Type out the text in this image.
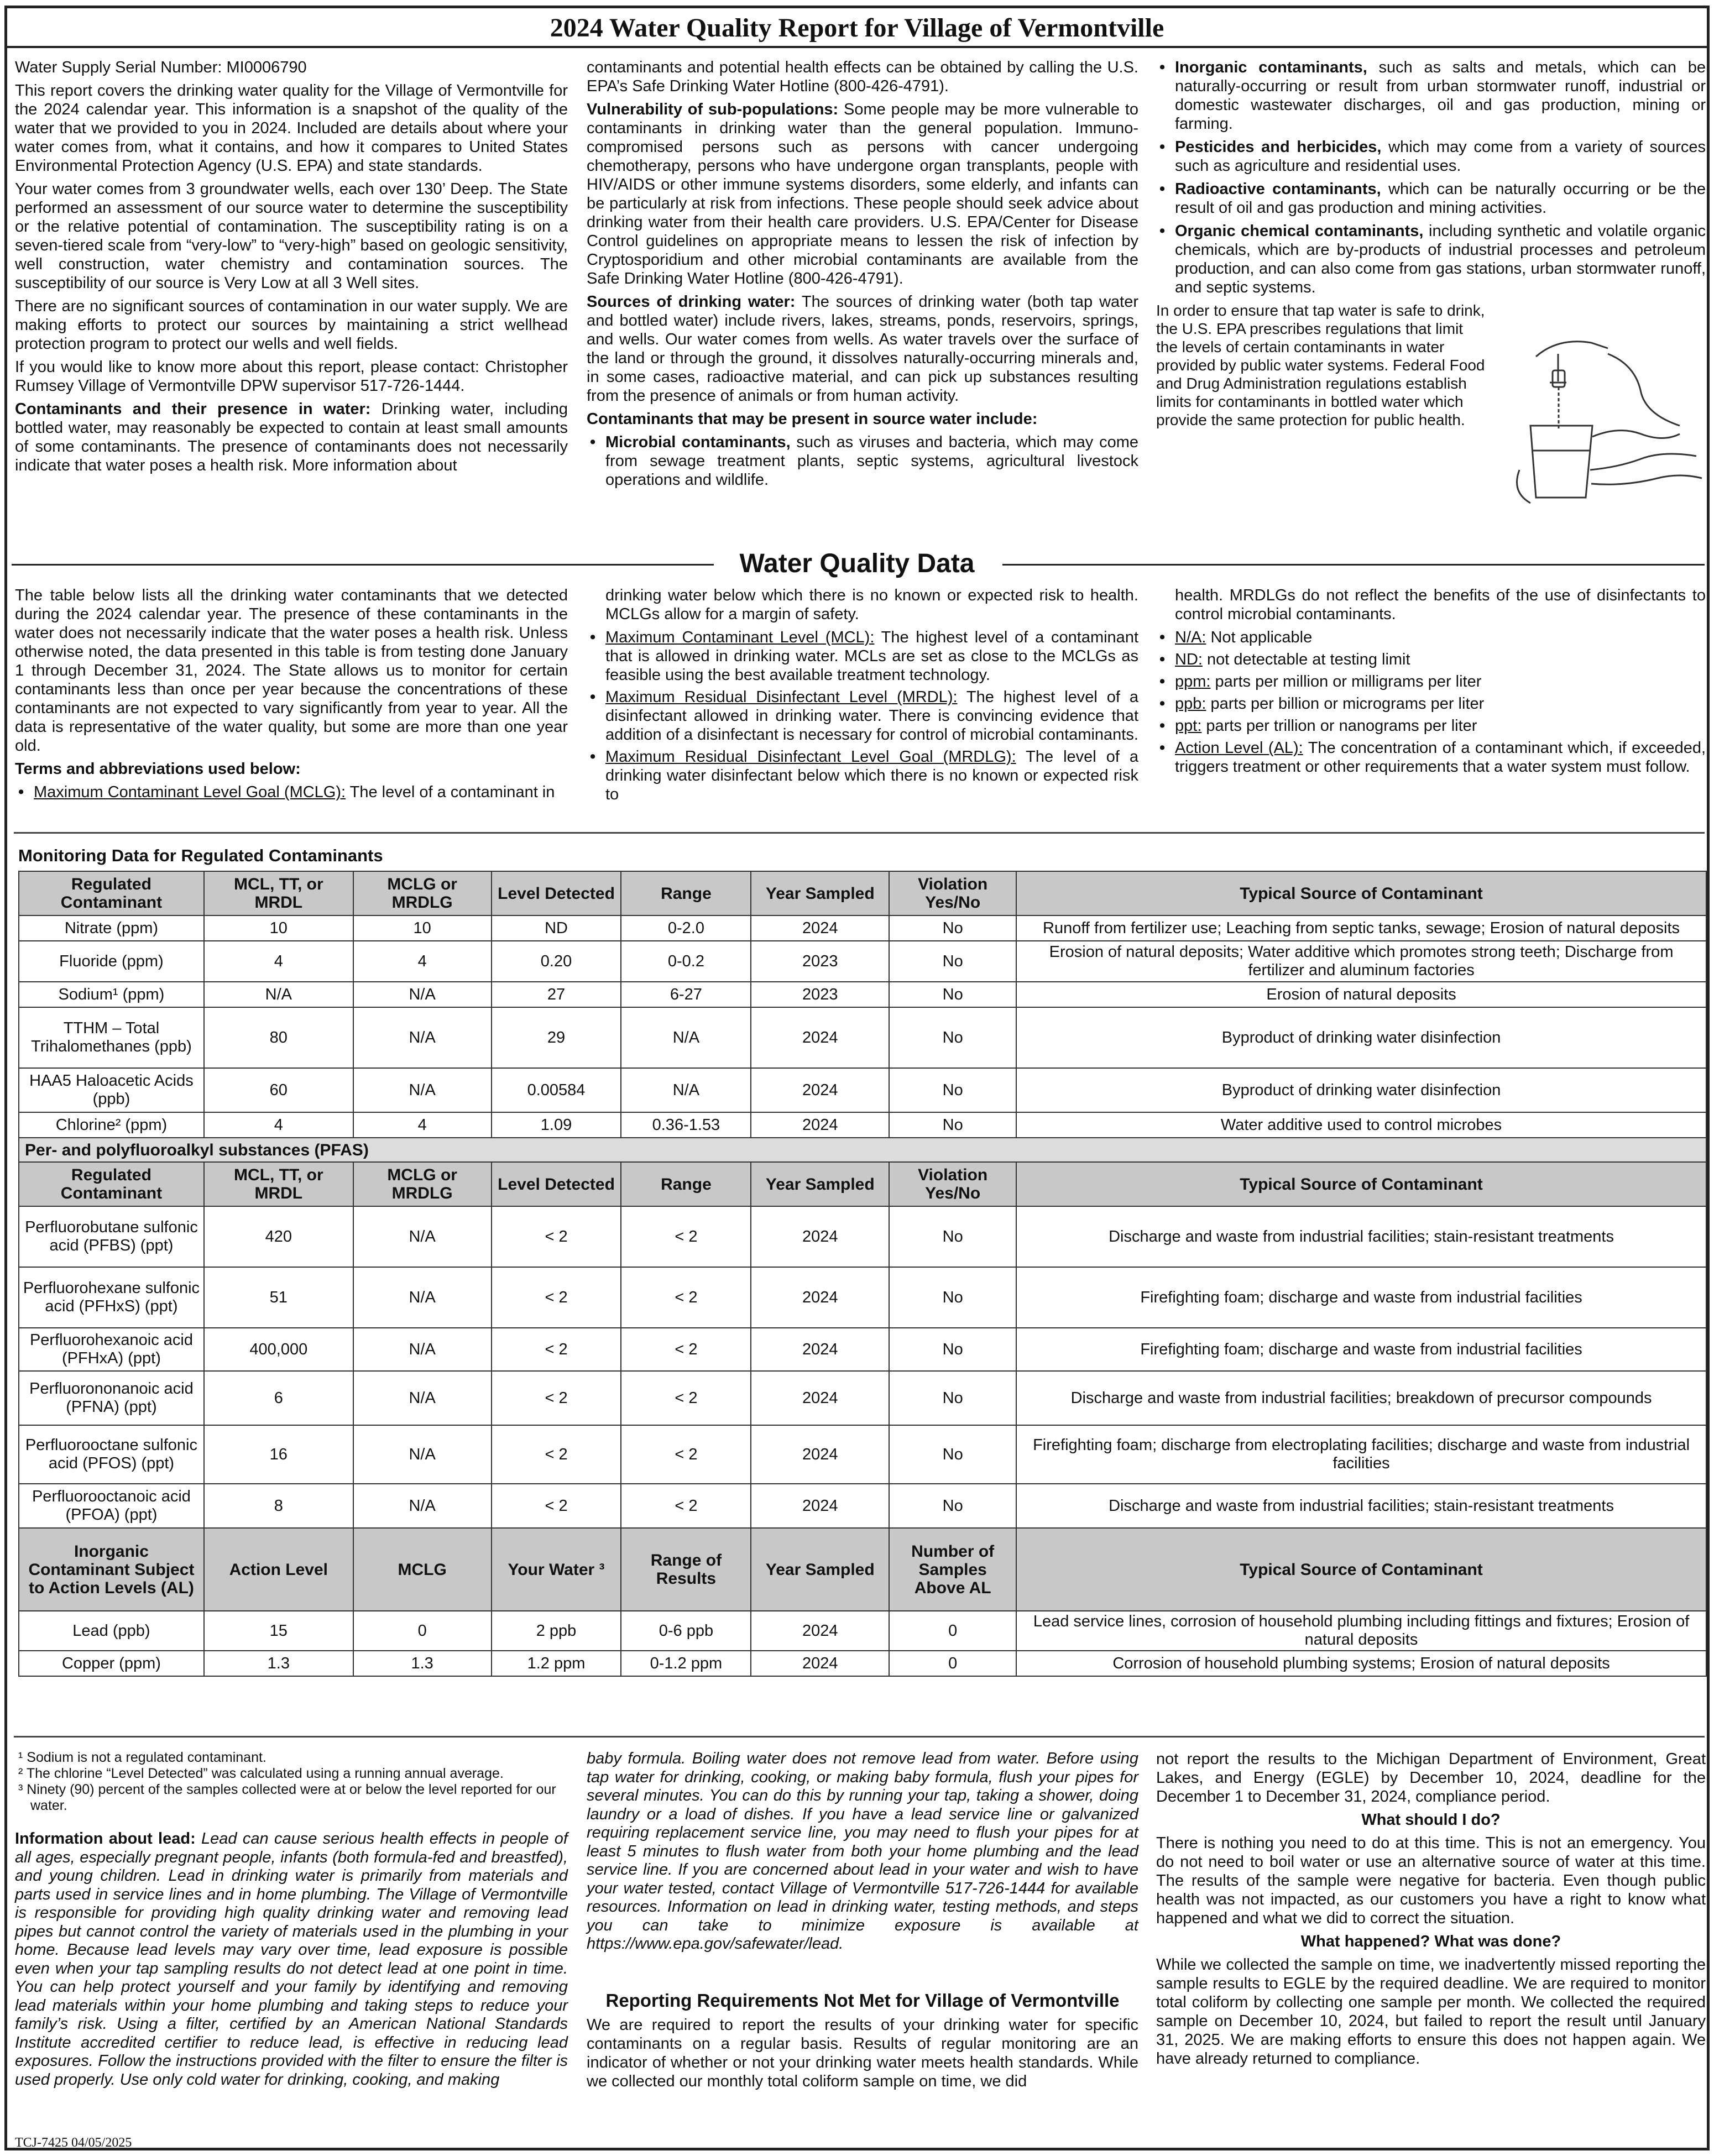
2024 Water Quality Report for Village of Vermontville

Water Supply Serial Number: MI0006790

This report covers the drinking water quality for the Village of Vermontville for the 2024 calendar year. This information is a snapshot of the quality of the water that we provided to you in 2024. Included are details about where your water comes from, what it contains, and how it compares to United States Environmental Protection Agency (U.S. EPA) and state standards.

Your water comes from 3 groundwater wells, each over 130’ Deep. The State performed an assessment of our source water to determine the susceptibility or the relative potential of contamination. The susceptibility rating is on a seven-tiered scale from “very-low” to “very-high” based on geologic sensitivity, well construction, water chemistry and contamination sources. The susceptibility of our source is Very Low at all 3 Well sites.

There are no significant sources of contamination in our water supply. We are making efforts to protect our sources by maintaining a strict wellhead protection program to protect our wells and well fields.

If you would like to know more about this report, please contact: Christopher Rumsey Village of Vermontville DPW supervisor 517-726-1444.

Contaminants and their presence in water: Drinking water, including bottled water, may reasonably be expected to contain at least small amounts of some contaminants. The presence of contaminants does not necessarily indicate that water poses a health risk. More information about

contaminants and potential health effects can be obtained by calling the U.S. EPA’s Safe Drinking Water Hotline (800-426-4791).

Vulnerability of sub-populations: Some people may be more vulnerable to contaminants in drinking water than the general population. Immuno-compromised persons such as persons with cancer undergoing chemotherapy, persons who have undergone organ transplants, people with HIV/AIDS or other immune systems disorders, some elderly, and infants can be particularly at risk from infections. These people should seek advice about drinking water from their health care providers. U.S. EPA/Center for Disease Control guidelines on appropriate means to lessen the risk of infection by Cryptosporidium and other microbial contaminants are available from the Safe Drinking Water Hotline (800-426-4791).

Sources of drinking water: The sources of drinking water (both tap water and bottled water) include rivers, lakes, streams, ponds, reservoirs, springs, and wells. Our water comes from wells. As water travels over the surface of the land or through the ground, it dissolves naturally-occurring minerals and, in some cases, radioactive material, and can pick up substances resulting from the presence of animals or from human activity.

Contaminants that may be present in source water include:

• Microbial contaminants, such as viruses and bacteria, which may come from sewage treatment plants, septic systems, agricultural livestock operations and wildlife.
• Inorganic contaminants, such as salts and metals, which can be naturally-occurring or result from urban stormwater runoff, industrial or domestic wastewater discharges, oil and gas production, mining or farming.
• Pesticides and herbicides, which may come from a variety of sources such as agriculture and residential uses.
• Radioactive contaminants, which can be naturally occurring or be the result of oil and gas production and mining activities.
• Organic chemical contaminants, including synthetic and volatile organic chemicals, which are by-products of industrial processes and petroleum production, and can also come from gas stations, urban stormwater runoff, and septic systems.

In order to ensure that tap water is safe to drink, the U.S. EPA prescribes regulations that limit the levels of certain contaminants in water provided by public water systems. Federal Food and Drug Administration regulations establish limits for contaminants in bottled water which provide the same protection for public health.

Water Quality Data

The table below lists all the drinking water contaminants that we detected during the 2024 calendar year. The presence of these contaminants in the water does not necessarily indicate that the water poses a health risk. Unless otherwise noted, the data presented in this table is from testing done January 1 through December 31, 2024. The State allows us to monitor for certain contaminants less than once per year because the concentrations of these contaminants are not expected to vary significantly from year to year. All the data is representative of the water quality, but some are more than one year old.

Terms and abbreviations used below:

• Maximum Contaminant Level Goal (MCLG): The level of a contaminant in

drinking water below which there is no known or expected risk to health. MCLGs allow for a margin of safety.

• Maximum Contaminant Level (MCL): The highest level of a contaminant that is allowed in drinking water. MCLs are set as close to the MCLGs as feasible using the best available treatment technology.
• Maximum Residual Disinfectant Level (MRDL): The highest level of a disinfectant allowed in drinking water. There is convincing evidence that addition of a disinfectant is necessary for control of microbial contaminants.
• Maximum Residual Disinfectant Level Goal (MRDLG): The level of a drinking water disinfectant below which there is no known or expected risk to

health. MRDLGs do not reflect the benefits of the use of disinfectants to control microbial contaminants.

• N/A: Not applicable
• ND: not detectable at testing limit
• ppm: parts per million or milligrams per liter
• ppb: parts per billion or micrograms per liter
• ppt: parts per trillion or nanograms per liter
• Action Level (AL): The concentration of a contaminant which, if exceeded, triggers treatment or other requirements that a water system must follow.
Monitoring Data for Regulated Contaminants
Regulated Contaminant	MCL, TT, or MRDL	MCLG or MRDLG	Level Detected	Range	Year Sampled	Violation Yes/No	Typical Source of Contaminant
Nitrate (ppm)	10	10	ND	0-2.0	2024	No	Runoff from fertilizer use; Leaching from septic tanks, sewage; Erosion of natural deposits
Fluoride (ppm)	4	4	0.20	0-0.2	2023	No	Erosion of natural deposits; Water additive which promotes strong teeth; Discharge from fertilizer and aluminum factories
Sodium¹ (ppm)	N/A	N/A	27	6-27	2023	No	Erosion of natural deposits
TTHM – Total Trihalomethanes (ppb)	80	N/A	29	N/A	2024	No	Byproduct of drinking water disinfection
HAA5 Haloacetic Acids (ppb)	60	N/A	0.00584	N/A	2024	No	Byproduct of drinking water disinfection
Chlorine² (ppm)	4	4	1.09	0.36-1.53	2024	No	Water additive used to control microbes
Per- and polyfluoroalkyl substances (PFAS)							
Regulated Contaminant	MCL, TT, or MRDL	MCLG or MRDLG	Level Detected	Range	Year Sampled	Violation Yes/No	Typical Source of Contaminant
Perfluorobutane sulfonic acid (PFBS) (ppt)	420	N/A	< 2	< 2	2024	No	Discharge and waste from industrial facilities; stain-resistant treatments
Perfluorohexane sulfonic acid (PFHxS) (ppt)	51	N/A	< 2	< 2	2024	No	Firefighting foam; discharge and waste from industrial facilities
Perfluorohexanoic acid (PFHxA) (ppt)	400,000	N/A	< 2	< 2	2024	No	Firefighting foam; discharge and waste from industrial facilities
Perfluorononanoic acid (PFNA) (ppt)	6	N/A	< 2	< 2	2024	No	Discharge and waste from industrial facilities; breakdown of precursor compounds
Perfluorooctane sulfonic acid (PFOS) (ppt)	16	N/A	< 2	< 2	2024	No	Firefighting foam; discharge from electroplating facilities; discharge and waste from industrial facilities
Perfluorooctanoic acid (PFOA) (ppt)	8	N/A	< 2	< 2	2024	No	Discharge and waste from industrial facilities; stain-resistant treatments
Inorganic Contaminant Subject to Action Levels (AL)	Action Level	MCLG	Your Water ³	Range of Results	Year Sampled	Number of Samples Above AL	Typical Source of Contaminant
Lead (ppb)	15	0	2 ppb	0-6 ppb	2024	0	Lead service lines, corrosion of household plumbing including fittings and fixtures; Erosion of natural deposits
Copper (ppm)	1.3	1.3	1.2 ppm	0-1.2 ppm	2024	0	Corrosion of household plumbing systems; Erosion of natural deposits
¹ Sodium is not a regulated contaminant.
² The chlorine “Level Detected” was calculated using a running annual average.
³ Ninety (90) percent of the samples collected were at or below the level reported for our water.

Information about lead: Lead can cause serious health effects in people of all ages, especially pregnant people, infants (both formula-fed and breastfed), and young children. Lead in drinking water is primarily from materials and parts used in service lines and in home plumbing. The Village of Vermontville is responsible for providing high quality drinking water and removing lead pipes but cannot control the variety of materials used in the plumbing in your home. Because lead levels may vary over time, lead exposure is possible even when your tap sampling results do not detect lead at one point in time. You can help protect yourself and your family by identifying and removing lead materials within your home plumbing and taking steps to reduce your family’s risk. Using a filter, certified by an American National Standards Institute accredited certifier to reduce lead, is effective in reducing lead exposures. Follow the instructions provided with the filter to ensure the filter is used properly. Use only cold water for drinking, cooking, and making

baby formula. Boiling water does not remove lead from water. Before using tap water for drinking, cooking, or making baby formula, flush your pipes for several minutes. You can do this by running your tap, taking a shower, doing laundry or a load of dishes. If you have a lead service line or galvanized requiring replacement service line, you may need to flush your pipes for at least 5 minutes to flush water from both your home plumbing and the lead service line. If you are concerned about lead in your water and wish to have your water tested, contact Village of Vermontville 517-726-1444 for available resources. Information on lead in drinking water, testing methods, and steps you can take to minimize exposure is available at https://www.epa.gov/safewater/lead.

Reporting Requirements Not Met for Village of Vermontville

We are required to report the results of your drinking water for specific contaminants on a regular basis. Results of regular monitoring are an indicator of whether or not your drinking water meets health standards. While we collected our monthly total coliform sample on time, we did

not report the results to the Michigan Department of Environment, Great Lakes, and Energy (EGLE) by December 10, 2024, deadline for the December 1 to December 31, 2024, compliance period.

What should I do?

There is nothing you need to do at this time. This is not an emergency. You do not need to boil water or use an alternative source of water at this time. The results of the sample were negative for bacteria. Even though public health was not impacted, as our customers you have a right to know what happened and what we did to correct the situation.

What happened? What was done?

While we collected the sample on time, we inadvertently missed reporting the sample results to EGLE by the required deadline. We are required to monitor total coliform by collecting one sample per month. We collected the required sample on December 10, 2024, but failed to report the result until January 31, 2025. We are making efforts to ensure this does not happen again. We have already returned to compliance.

TCJ-7425 04/05/2025
